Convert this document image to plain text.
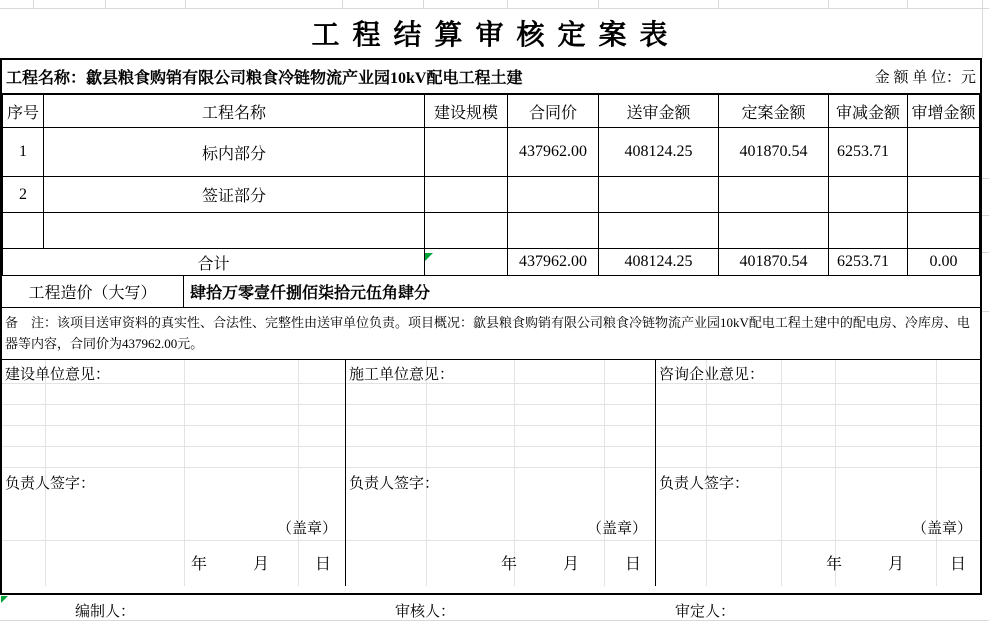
工 程 结 算 审 核 定 案 表
工程名称：歙县粮食购销有限公司粮食冷链物流产业园10kV配电工程土建	金 额 单 位：元
序号	工程名称	建设规模	合同价	送审金额	定案金额	审减金额	审增金额
1	标内部分		437962.00	408124.25	401870.54	6253.71	
2	签证部分						

合计			437962.00	408124.25	401870.54	6253.71	0.00
工程造价（大写）	肆拾万零壹仟捌佰柒拾元伍角肆分
备　注：该项目送审资料的真实性、合法性、完整性由送审单位负责。项目概况：歙县粮食购销有限公司粮食冷链物流产业园10kV配电工程土建中的配电房、冷库房、电器等内容，合同价为437962.00元。
建设单位意见：
负责人签字：
（盖章）
年	月	日
施工单位意见：
负责人签字：
（盖章）
年	月	日
咨询企业意见：
负责人签字：
（盖章）
年	月	日
编制人：	审核人：	审定人：
